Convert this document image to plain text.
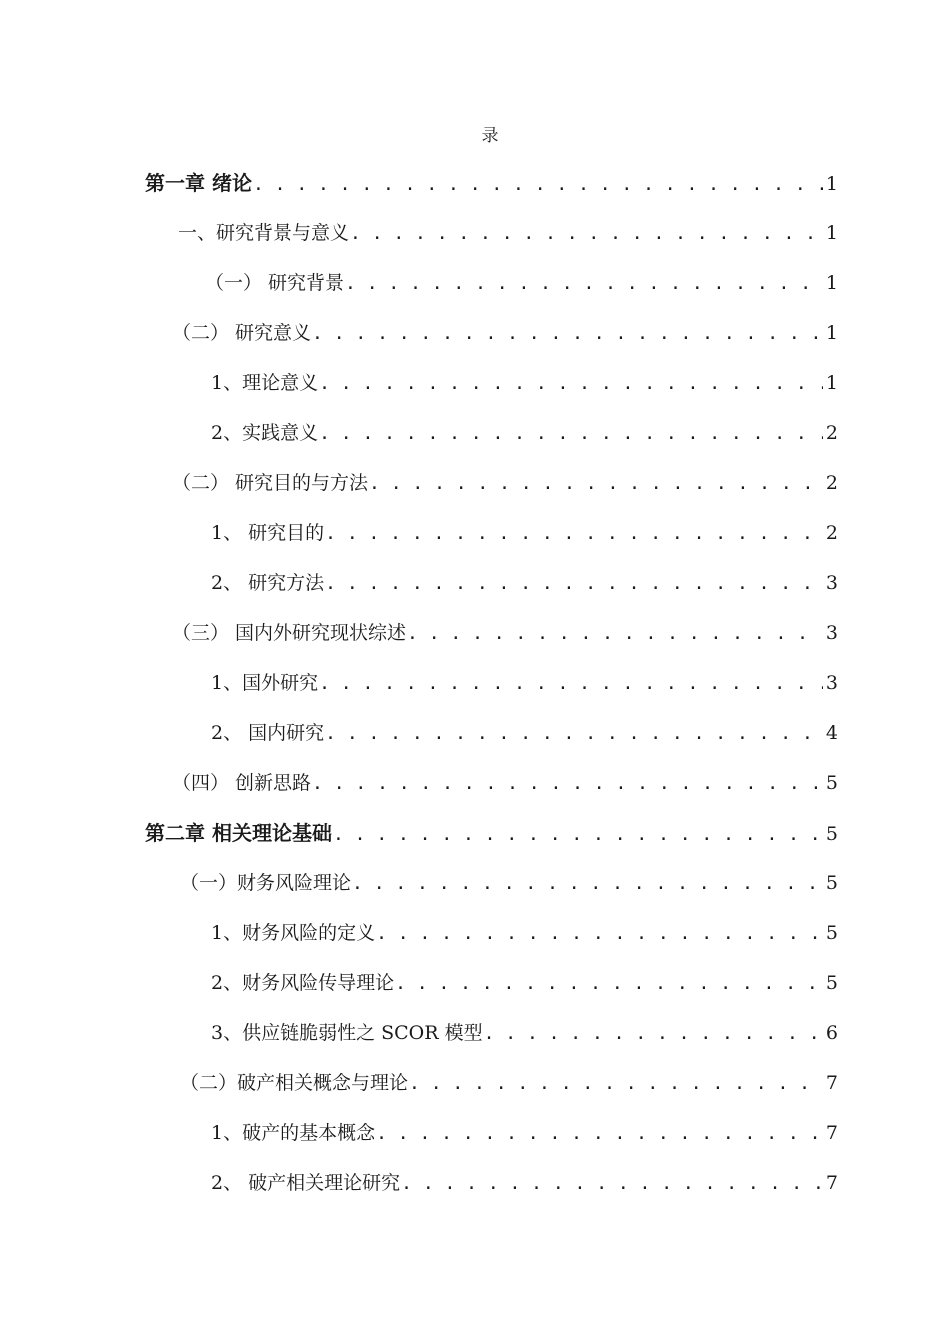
录
第一章 绪论 . . .	1
一、研究背景与意义 . . .	1
（一） 研究背景 . . .	1
（二） 研究意义 . . .	1
1、理论意义 . . .	1
2、实践意义 . . .	2
（二） 研究目的与方法 . . .	2
1、 研究目的 . . .	2
2、 研究方法 . . .	3
（三） 国内外研究现状综述 . . .	3
1、国外研究 . . .	3
2、 国内研究 . . .	4
（四） 创新思路 . . .	5
第二章 相关理论基础 . . .	5
（一）财务风险理论 . . .	5
1、财务风险的定义 . . .	5
2、财务风险传导理论 . . .	5
3、供应链脆弱性之 SCOR 模型 . . .	6
（二）破产相关概念与理论 . . .	7
1、破产的基本概念 . . .	7
2、 破产相关理论研究 . . .	7
